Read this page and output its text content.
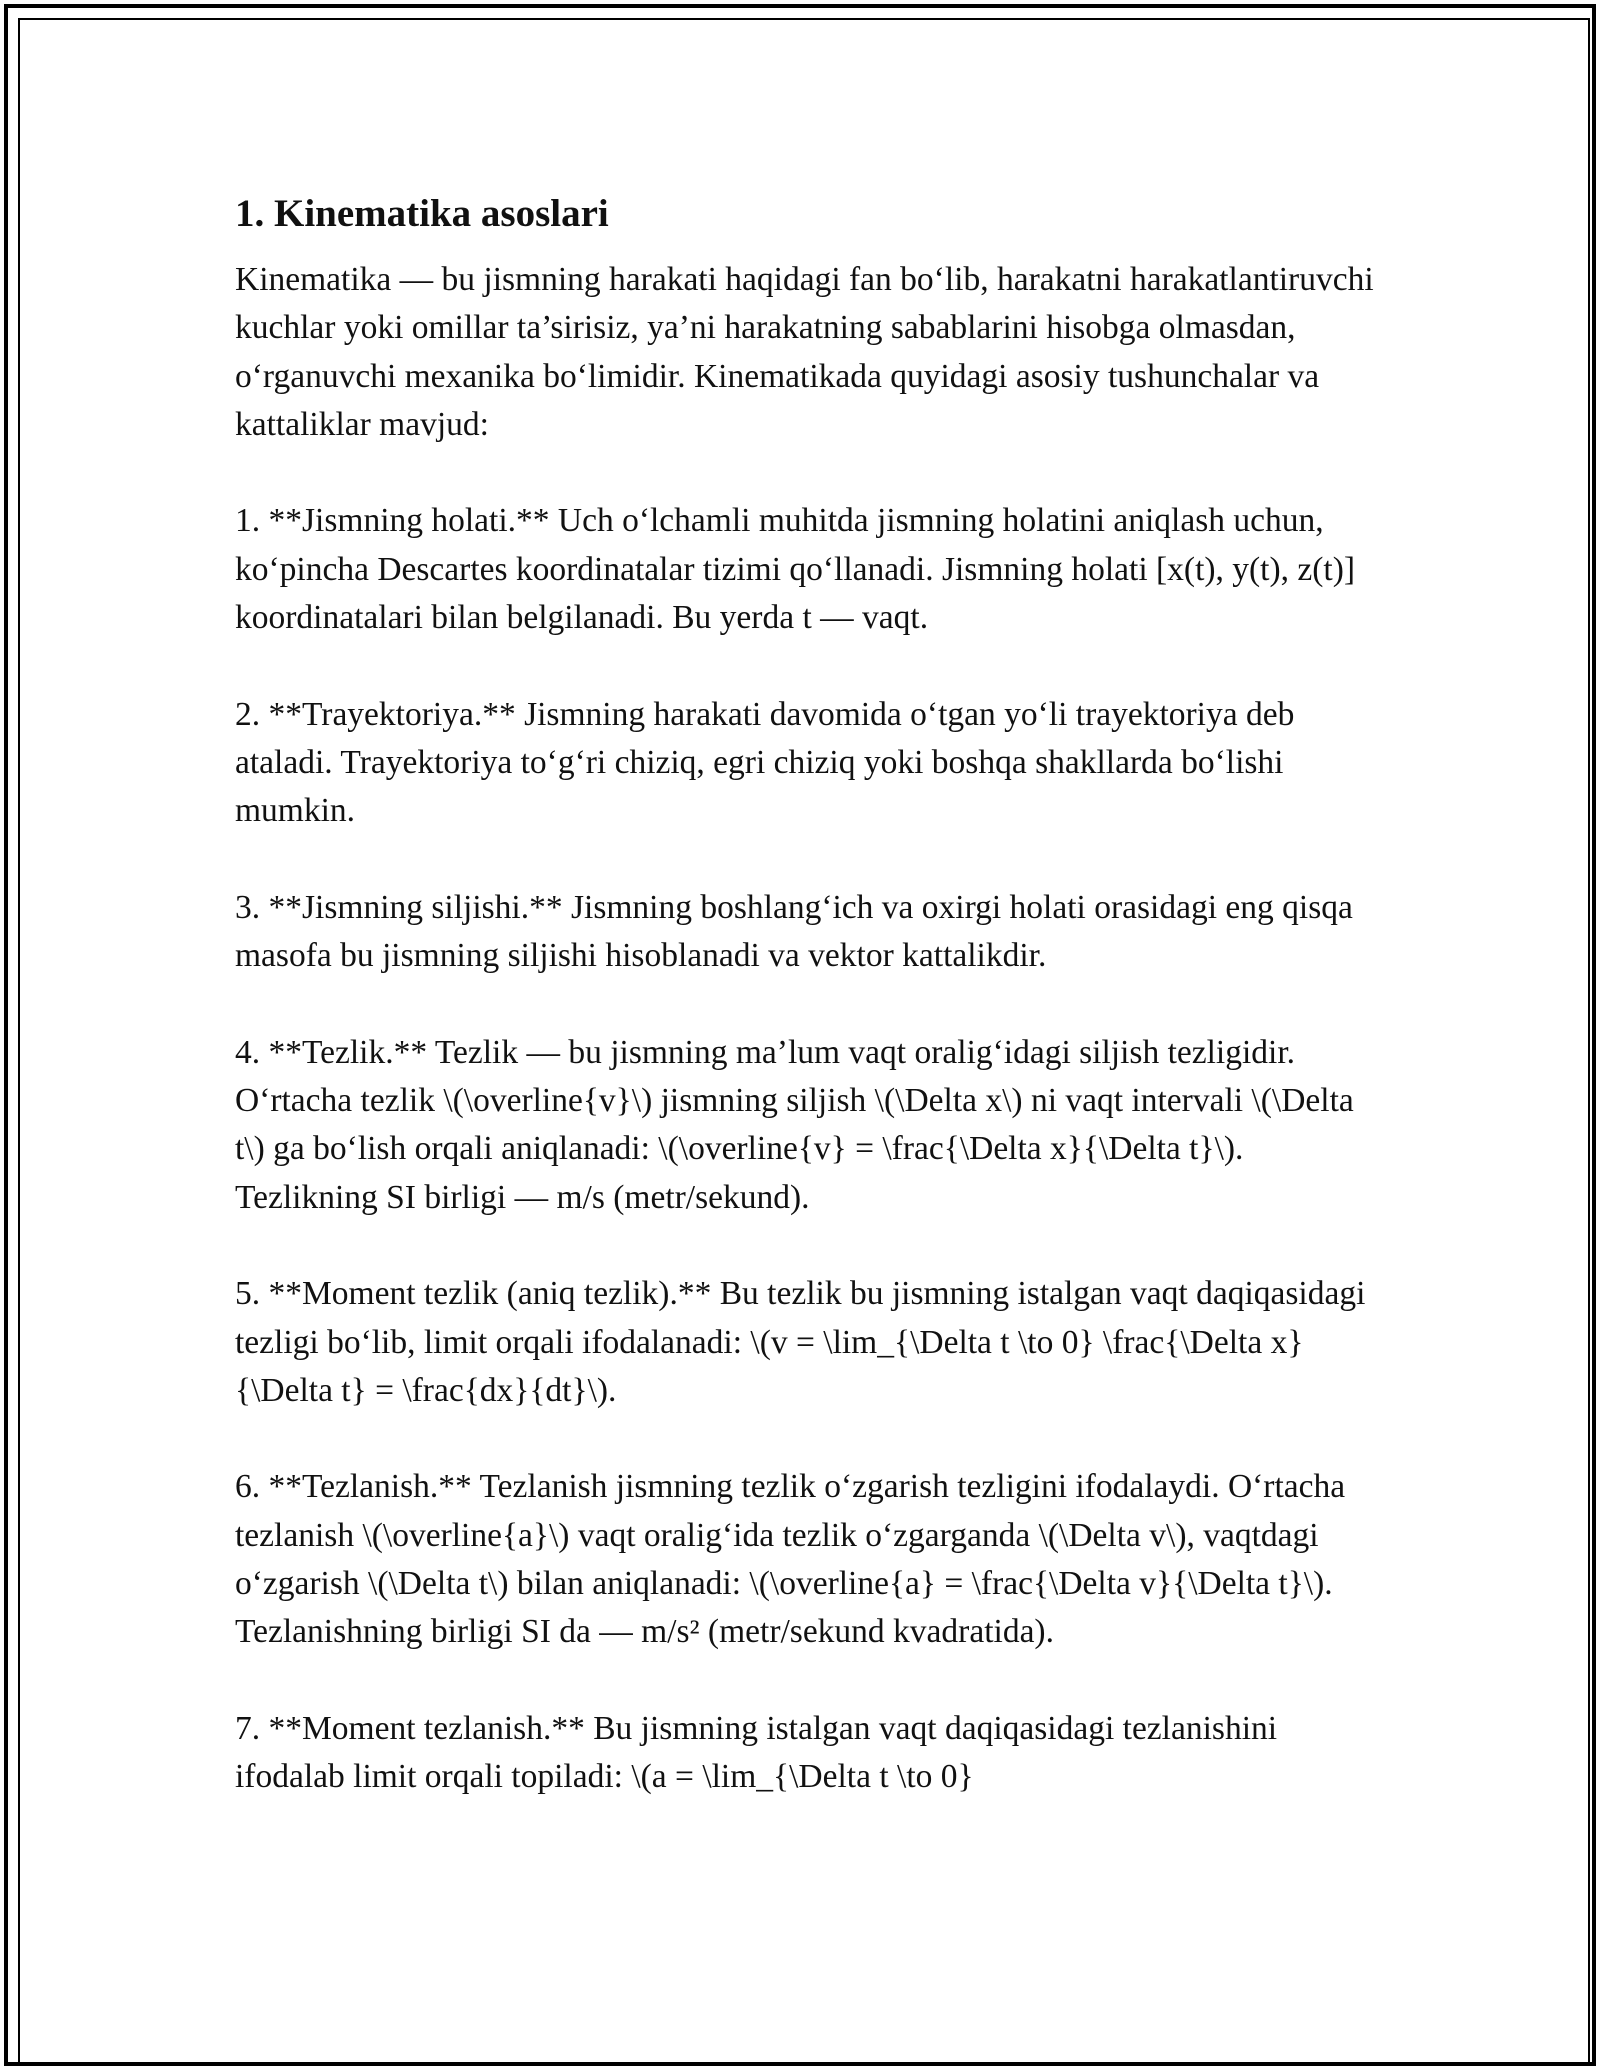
1. Kinematika asoslari

Kinematika — bu jismning harakati haqidagi fan bo‘lib, harakatni harakatlantiruvchi kuchlar yoki omillar ta’sirisiz, ya’ni harakatning sabablarini hisobga olmasdan, o‘rganuvchi mexanika bo‘limidir. Kinematikada quyidagi asosiy tushunchalar va kattaliklar mavjud:

1. **Jismning holati.** Uch o‘lchamli muhitda jismning holatini aniqlash uchun, ko‘pincha Descartes koordinatalar tizimi qo‘llanadi. Jismning holati [x(t), y(t), z(t)] koordinatalari bilan belgilanadi. Bu yerda t — vaqt.

2. **Trayektoriya.** Jismning harakati davomida o‘tgan yo‘li trayektoriya deb ataladi. Trayektoriya to‘g‘ri chiziq, egri chiziq yoki boshqa shakllarda bo‘lishi mumkin.

3. **Jismning siljishi.** Jismning boshlang‘ich va oxirgi holati orasidagi eng qisqa masofa bu jismning siljishi hisoblanadi va vektor kattalikdir.

4. **Tezlik.** Tezlik — bu jismning ma’lum vaqt oralig‘idagi siljish tezligidir. O‘rtacha tezlik \(\overline{v}\) jismning siljish \(\Delta x\) ni vaqt intervali \(\Delta t\) ga bo‘lish orqali aniqlanadi: \(\overline{v} = \frac{\Delta x}{\Delta t}\). Tezlikning SI birligi — m/s (metr/sekund).

5. **Moment tezlik (aniq tezlik).** Bu tezlik bu jismning istalgan vaqt daqiqasidagi tezligi bo‘lib, limit orqali ifodalanadi: \(v = \lim_{\Delta t \to 0} \frac{\Delta x}{\Delta t} = \frac{dx}{dt}\).

6. **Tezlanish.** Tezlanish jismning tezlik o‘zgarish tezligini ifodalaydi. O‘rtacha tezlanish \(\overline{a}\) vaqt oralig‘ida tezlik o‘zgarganda \(\Delta v\), vaqtdagi o‘zgarish \(\Delta t\) bilan aniqlanadi: \(\overline{a} = \frac{\Delta v}{\Delta t}\). Tezlanishning birligi SI da — m/s² (metr/sekund kvadratida).

7. **Moment tezlanish.** Bu jismning istalgan vaqt daqiqasidagi tezlanishini ifodalab limit orqali topiladi: \(a = \lim_{\Delta t \to 0}
